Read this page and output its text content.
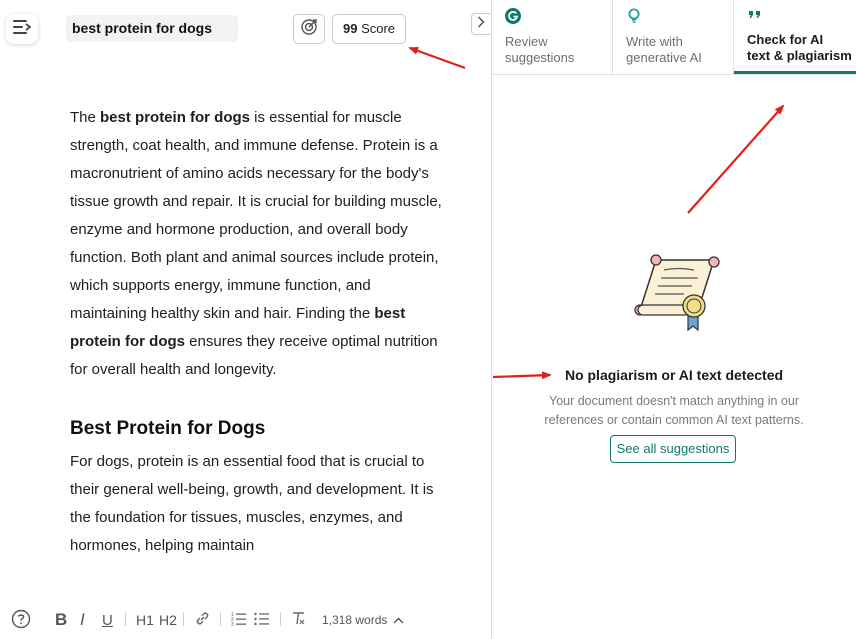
best protein for dogs	99 Score

The best protein for dogs is essential for muscle strength, coat health, and immune defense. Protein is a macronutrient of amino acids necessary for the body's tissue growth and repair. It is crucial for building muscle, enzyme and hormone production, and overall body function. Both plant and animal sources include protein, which supports energy, immune function, and maintaining healthy skin and hair. Finding the best protein for dogs ensures they receive optimal nutrition for overall health and longevity.

Best Protein for Dogs

For dogs, protein is an essential food that is crucial to their general well-being, growth, and development. It is the foundation for tissues, muscles, enzymes, and hormones, helping maintain

B I U H1 H2	1
2
3	1,318 words
Review
suggestions
Write with
generative AI
Check for AI
text & plagiarism
No plagiarism or AI text detected
Your document doesn't match anything in our references or contain common AI text patterns.
See all suggestions
